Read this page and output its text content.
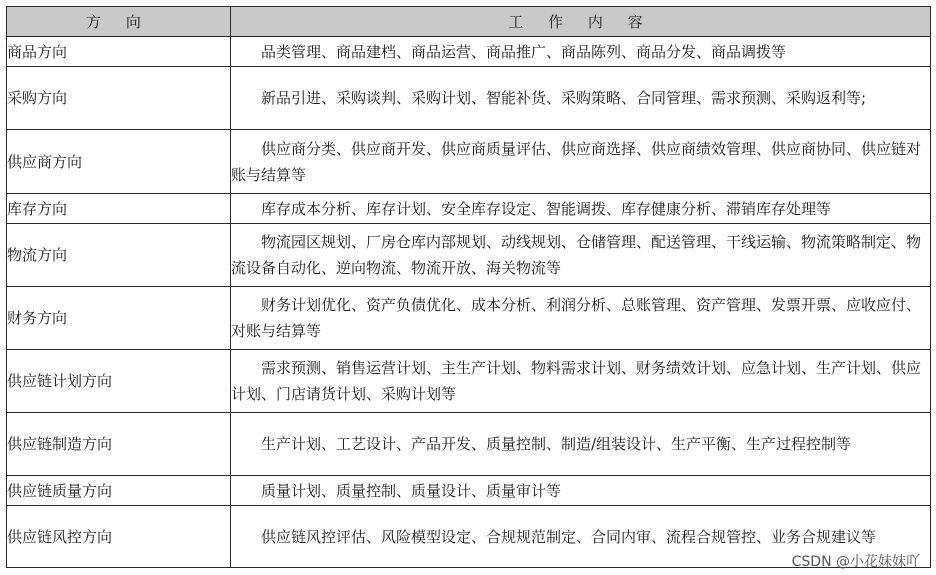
方 向	工 作 内 容
商品方向	品类管理、商品建档、商品运营、商品推广、商品陈列、商品分发、商品调拨等
采购方向	新品引进、采购谈判、采购计划、智能补货、采购策略、合同管理、需求预测、采购返利等;
供应商方向	供应商分类、供应商开发、供应商质量评估、供应商选择、供应商绩效管理、供应商协同、供应链对账与结算等
库存方向	库存成本分析、库存计划、安全库存设定、智能调拨、库存健康分析、滞销库存处理等
物流方向	物流园区规划、厂房仓库内部规划、动线规划、仓储管理、配送管理、干线运输、物流策略制定、物流设备自动化、逆向物流、物流开放、海关物流等
财务方向	财务计划优化、资产负债优化、成本分析、利润分析、总账管理、资产管理、发票开票、应收应付、对账与结算等
供应链计划方向	需求预测、销售运营计划、主生产计划、物料需求计划、财务绩效计划、应急计划、生产计划、供应计划、门店请货计划、采购计划等
供应链制造方向	生产计划、工艺设计、产品开发、质量控制、制造/组装设计、生产平衡、生产过程控制等
供应链质量方向	质量计划、质量控制、质量设计、质量审计等
供应链风控方向	供应链风控评估、风险模型设定、合规规范制定、合同内审、流程合规管控、业务合规建议等
CSDN @小花妹妹吖
